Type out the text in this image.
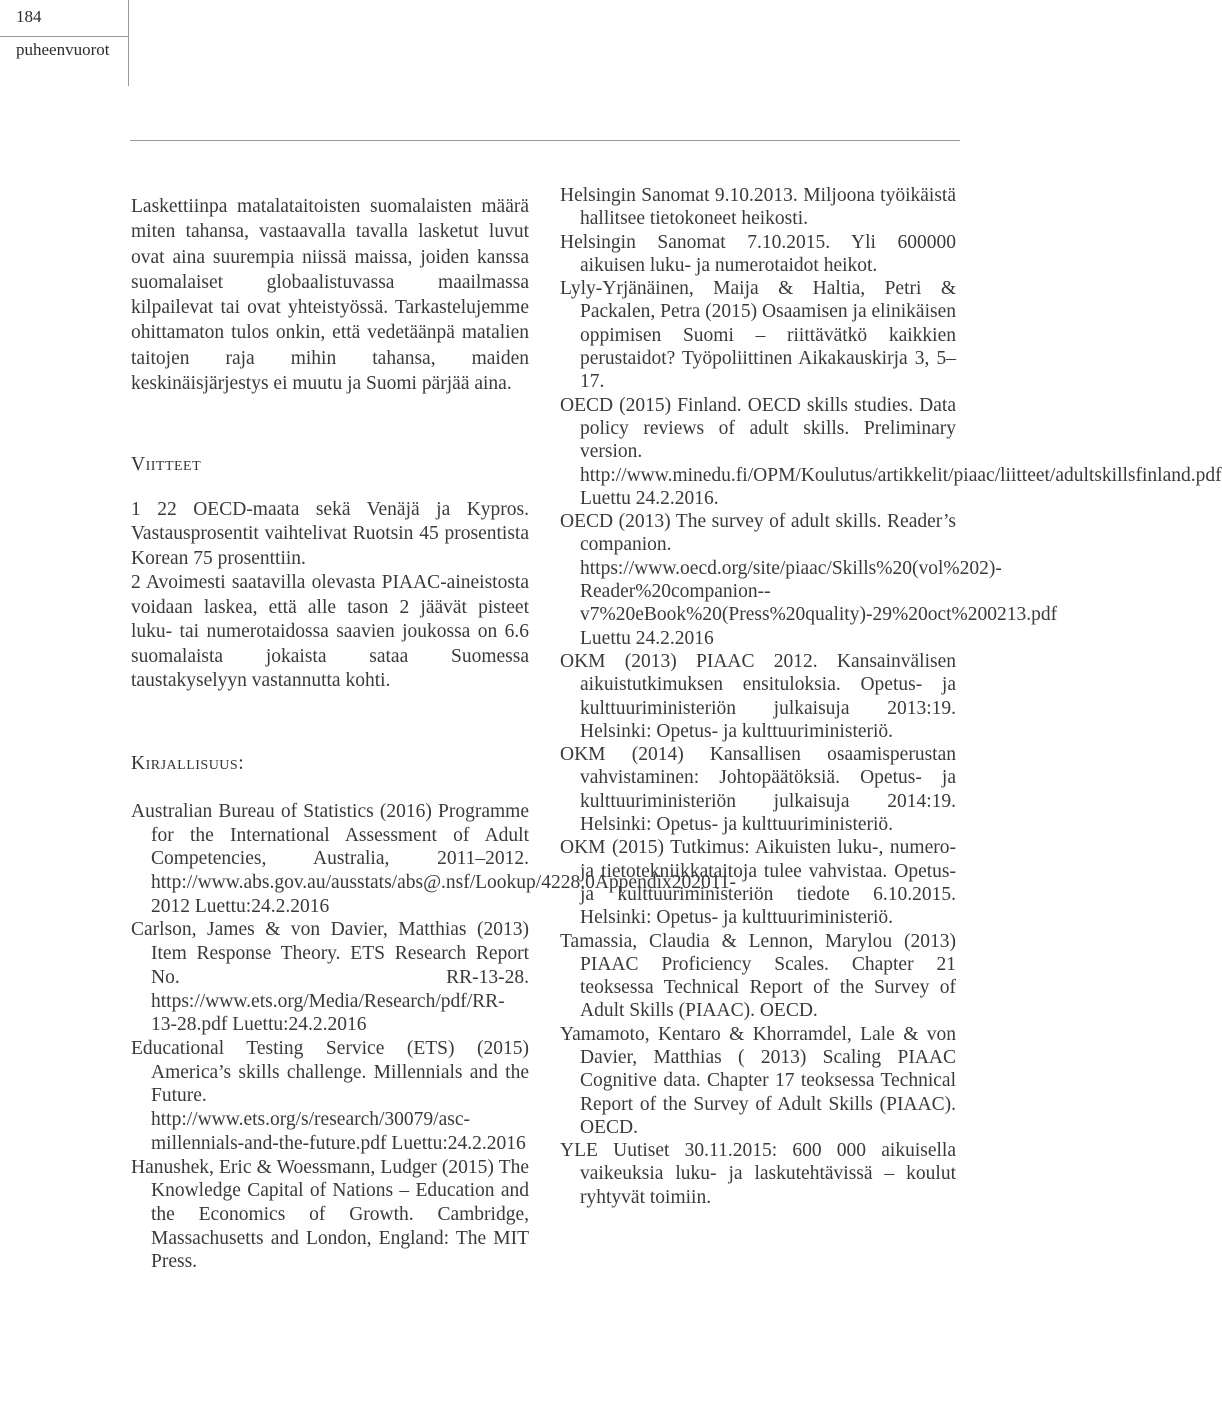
184
puheenvuorot

Laskettiinpa matalataitoisten suomalaisten määrä miten tahansa, vastaavalla tavalla lasketut luvut ovat aina suurempia niissä maissa, joiden kanssa suomalaiset globaalistuvassa maailmassa kilpailevat tai ovat yhteistyössä. Tarkastelujemme ohittamaton tulos onkin, että vedetäänpä matalien taitojen raja mihin tahansa, maiden keskinäisjärjestys ei muutu ja Suomi pärjää aina.

Viitteet

1 22 OECD-maata sekä Venäjä ja Kypros. Vastausprosentit vaihtelivat Ruotsin 45 prosentista Korean 75 prosenttiin.

2 Avoimesti saatavilla olevasta PIAAC-aineistosta voidaan laskea, että alle tason 2 jäävät pisteet luku- tai numerotaidossa saavien joukossa on 6.6 suomalaista jokaista sataa Suomessa taustakyselyyn vastannutta kohti.

Kirjallisuus:

Australian Bureau of Statistics (2016) Programme for the International Assessment of Adult Competencies, Australia, 2011–2012. http://www.abs.gov.au/ausstats/abs@.nsf/Lookup/4228.0Appendix202011-2012 Luettu:24.2.2016

Carlson, James & von Davier, Matthias (2013) Item Response Theory. ETS Research Report No. RR-13-28. https://www.ets.org/Media/Research/pdf/RR-13-28.pdf Luettu:24.2.2016

Educational Testing Service (ETS) (2015) America’s skills challenge. Millennials and the Future. http://www.ets.org/s/research/30079/asc-millennials-and-the-future.pdf Luettu:24.2.2016

Hanushek, Eric & Woessmann, Ludger (2015) The Knowledge Capital of Nations – Education and the Economics of Growth. Cambridge, Massachusetts and London, England: The MIT Press.

Helsingin Sanomat 9.10.2013. Miljoona työikäistä hallitsee tietokoneet heikosti.

Helsingin Sanomat 7.10.2015. Yli 600000 aikuisen luku- ja numerotaidot heikot.

Lyly-Yrjänäinen, Maija & Haltia, Petri & Packalen, Petra (2015) Osaamisen ja elinikäisen oppimisen Suomi – riittävätkö kaikkien perustaidot? Työpoliittinen Aikakauskirja 3, 5–17.

OECD (2015) Finland. OECD skills studies. Data policy reviews of adult skills. Preliminary version. http://www.minedu.fi/OPM/Koulutus/artikkelit/piaac/liitteet/adultskillsfinland.pdf Luettu 24.2.2016.

OECD (2013) The survey of adult skills. Reader’s companion. https://www.oecd.org/site/piaac/Skills%20(vol%202)-Reader%20companion--v7%20eBook%20(Press%20quality)-29%20oct%200213.pdf Luettu 24.2.2016

OKM (2013) PIAAC 2012. Kansainvälisen aikuistutkimuksen ensituloksia. Opetus- ja kulttuuriministeriön julkaisuja 2013:19. Helsinki: Opetus- ja kulttuuriministeriö.

OKM (2014) Kansallisen osaamisperustan vahvistaminen: Johtopäätöksiä. Opetus- ja kulttuuriministeriön julkaisuja 2014:19. Helsinki: Opetus- ja kulttuuriministeriö.

OKM (2015) Tutkimus: Aikuisten luku-, numero- ja tietotekniikkataitoja tulee vahvistaa. Opetus- ja kulttuuriministeriön tiedote 6.10.2015. Helsinki: Opetus- ja kulttuuriministeriö.

Tamassia, Claudia & Lennon, Marylou (2013) PIAAC Proficiency Scales. Chapter 21 teoksessa Technical Report of the Survey of Adult Skills (PIAAC). OECD.

Yamamoto, Kentaro & Khorramdel, Lale & von Davier, Matthias ( 2013) Scaling PIAAC Cognitive data. Chapter 17 teoksessa Technical Report of the Survey of Adult Skills (PIAAC). OECD.

YLE Uutiset 30.11.2015: 600 000 aikuisella vaikeuksia luku- ja laskutehtävissä – koulut ryhtyvät toimiin.
